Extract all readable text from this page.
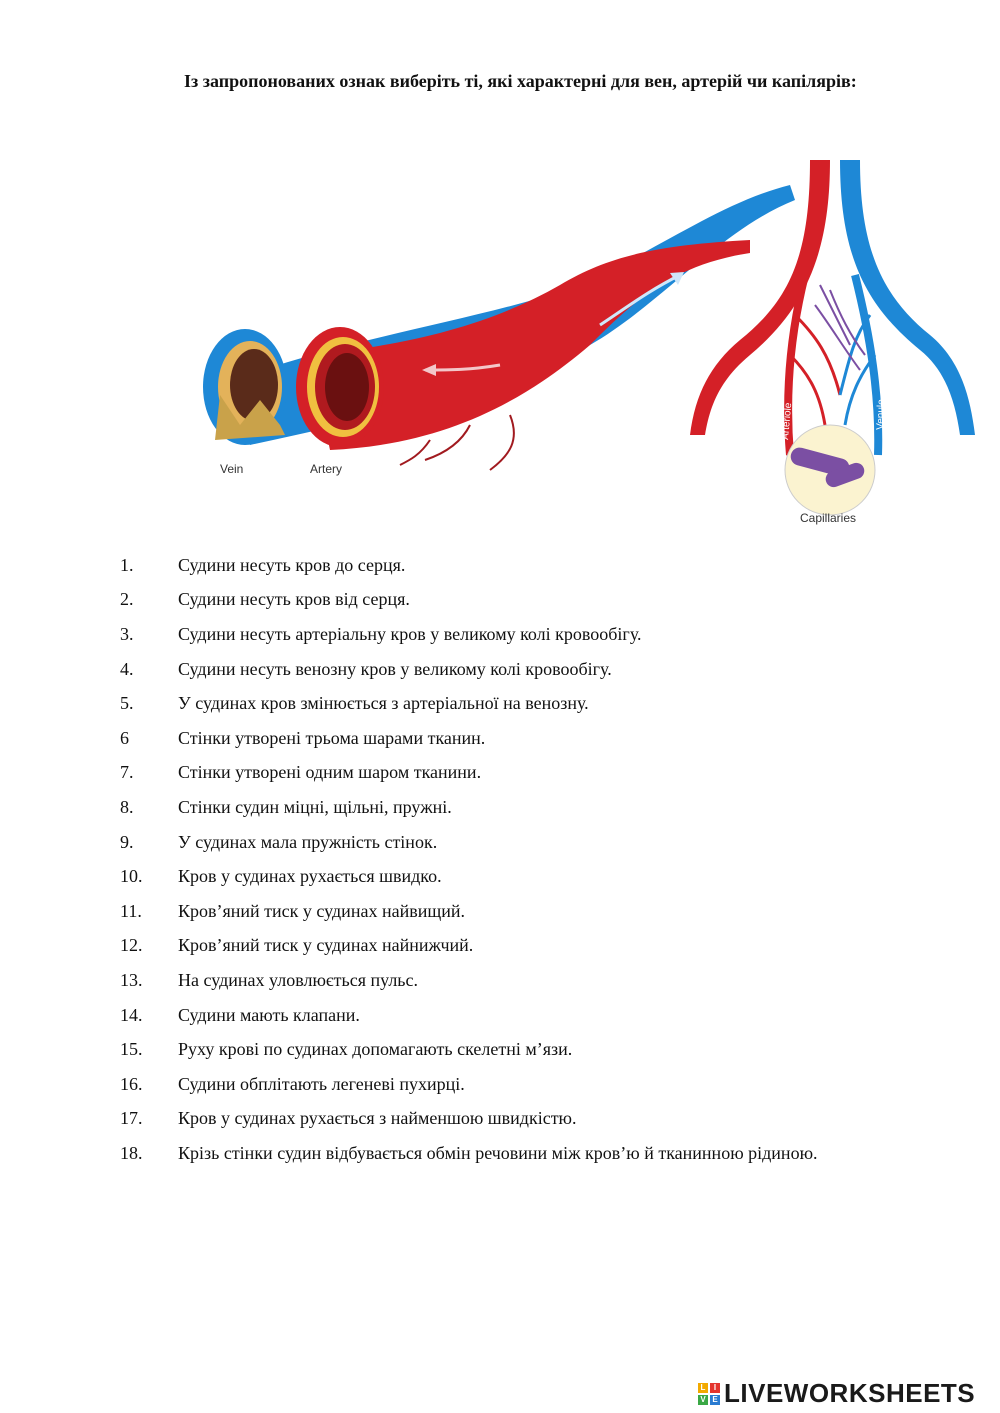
Із запропонованих ознак виберіть ті, які характерні для вен, артерій чи капілярів:

Vein	Artery
Artery	Vein
Arteriole	Venule
Capillaries
1.	Судини несуть кров до серця.
2.	Судини несуть кров від серця.
3.	Судини несуть артеріальну кров у великому колі кровообігу.
4.	Судини несуть венозну кров у великому колі кровообігу.
5.	У судинах кров змінюється з артеріальної на венозну.
6	Стінки утворені трьома шарами тканин.
7.	Стінки утворені одним шаром тканини.
8.	Стінки судин міцні, щільні, пружні.
9.	У судинах мала пружність стінок.
10.	Кров у судинах рухається швидко.
11.	Кров’яний тиск у судинах найвищий.
12.	Кров’яний тиск у судинах найнижчий.
13.	На судинах уловлюється пульс.
14.	Судини мають клапани.
15.	Руху крові по судинах допомагають скелетні м’язи.
16.	Судини обплітають легеневі пухирці.
17.	Кров у судинах рухається з найменшою швидкістю.
18.	Крізь стінки судин відбувається обмін речовини між кров’ю й тканинною рідиною.
L	I
V E LIVEWORKSHEETS
